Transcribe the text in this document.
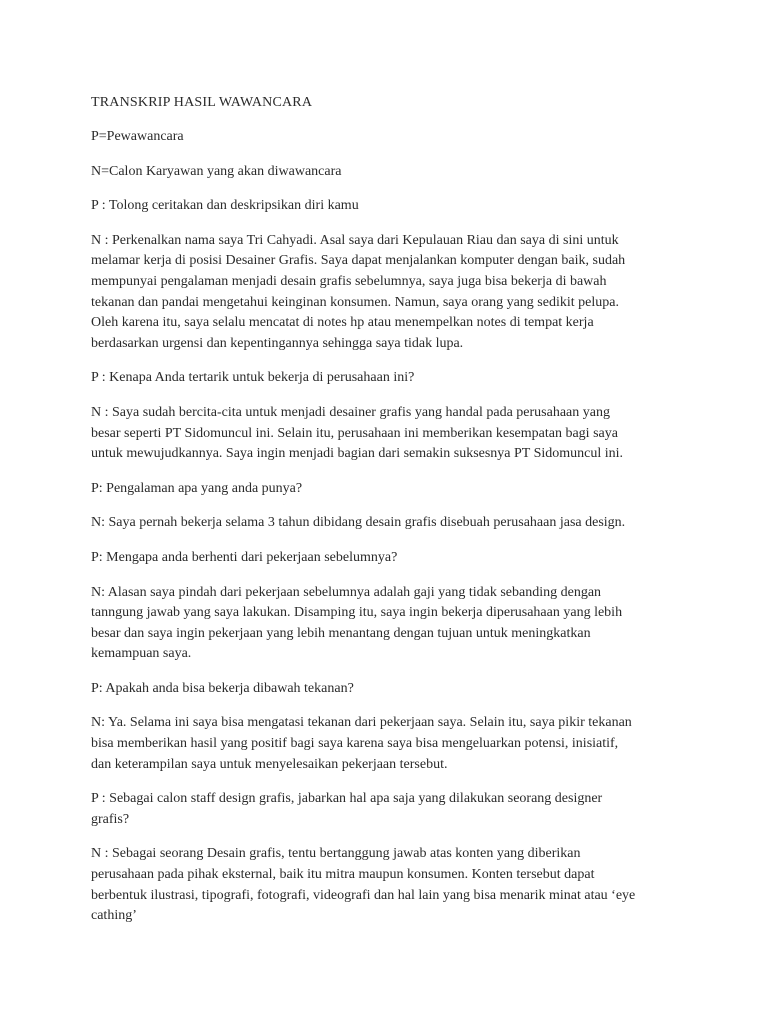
TRANSKRIP HASIL WAWANCARA
P=Pewawancara
N=Calon Karyawan yang akan diwawancara
P : Tolong ceritakan dan deskripsikan diri kamu
N : Perkenalkan nama saya Tri Cahyadi. Asal saya dari Kepulauan Riau dan saya di sini untuk
melamar kerja di posisi Desainer Grafis. Saya dapat menjalankan komputer dengan baik, sudah
mempunyai pengalaman menjadi desain grafis sebelumnya, saya juga bisa bekerja di bawah
tekanan dan pandai mengetahui keinginan konsumen. Namun, saya orang yang sedikit pelupa.
Oleh karena itu, saya selalu mencatat di notes hp atau menempelkan notes di tempat kerja
berdasarkan urgensi dan kepentingannya sehingga saya tidak lupa.
P : Kenapa Anda tertarik untuk bekerja di perusahaan ini?
N : Saya sudah bercita-cita untuk menjadi desainer grafis yang handal pada perusahaan yang
besar seperti PT Sidomuncul ini. Selain itu, perusahaan ini memberikan kesempatan bagi saya
untuk mewujudkannya. Saya ingin menjadi bagian dari semakin suksesnya PT Sidomuncul ini.
P: Pengalaman apa yang anda punya?
N: Saya pernah bekerja selama 3 tahun dibidang desain grafis disebuah perusahaan jasa design.
P: Mengapa anda berhenti dari pekerjaan sebelumnya?
N: Alasan saya pindah dari pekerjaan sebelumnya adalah gaji yang tidak sebanding dengan
tanngung jawab yang saya lakukan. Disamping itu, saya ingin bekerja diperusahaan yang lebih
besar dan saya ingin pekerjaan yang lebih menantang dengan tujuan untuk meningkatkan
kemampuan saya.
P: Apakah anda bisa bekerja dibawah tekanan?
N: Ya. Selama ini saya bisa mengatasi tekanan dari pekerjaan saya. Selain itu, saya pikir tekanan
bisa memberikan hasil yang positif bagi saya karena saya bisa mengeluarkan potensi, inisiatif,
dan keterampilan saya untuk menyelesaikan pekerjaan tersebut.
P : Sebagai calon staff design grafis, jabarkan hal apa saja yang dilakukan seorang designer
grafis?
N : Sebagai seorang Desain grafis, tentu bertanggung jawab atas konten yang diberikan
perusahaan pada pihak eksternal, baik itu mitra maupun konsumen. Konten tersebut dapat
berbentuk ilustrasi, tipografi, fotografi, videografi dan hal lain yang bisa menarik minat atau ‘eye
cathing’
